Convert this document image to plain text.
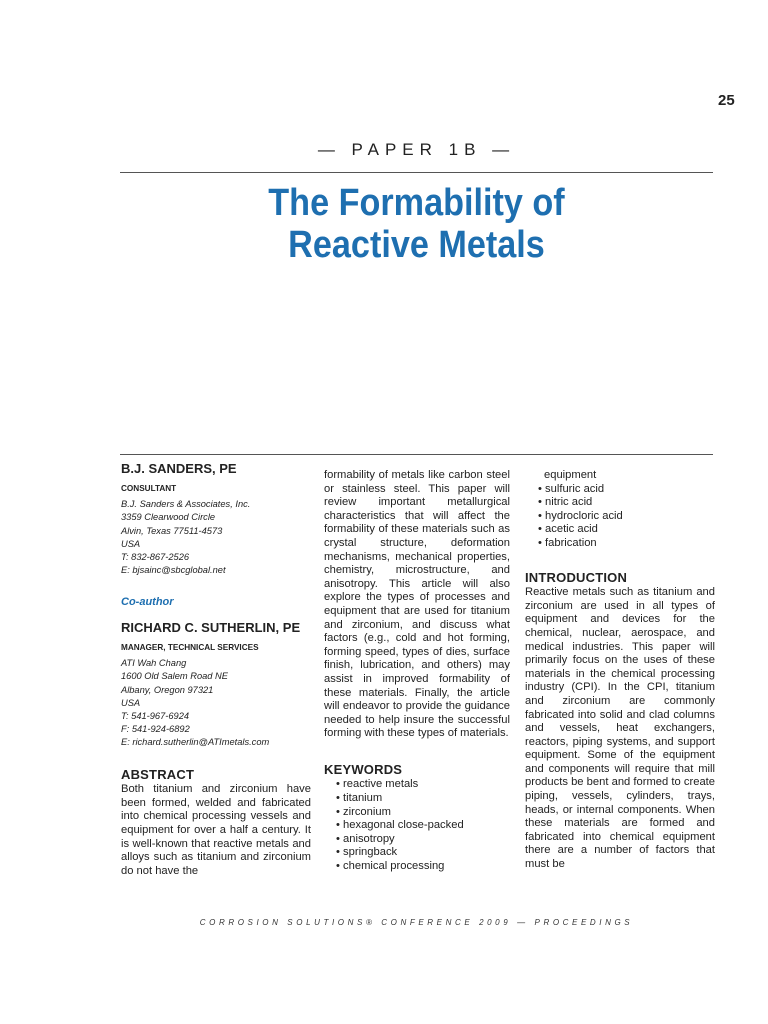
25
— PAPER 1B —
The Formability of
Reactive Metals
B.J. SANDERS, PE
CONSULTANT
B.J. Sanders & Associates, Inc.
3359 Clearwood Circle
Alvin, Texas 77511-4573
USA
T: 832-867-2526
E: bjsainc@sbcglobal.net
Co-author
RICHARD C. SUTHERLIN, PE
MANAGER, TECHNICAL SERVICES
ATI Wah Chang
1600 Old Salem Road NE
Albany, Oregon 97321
USA
T: 541-967-6924
F: 541-924-6892
E: richard.sutherlin@ATImetals.com
ABSTRACT
Both titanium and zirconium have been formed, welded and fabricated into chemical processing vessels and equipment for over a half a century. It is well-known that reactive metals and alloys such as titanium and zirconium do not have the
formability of metals like carbon steel or stainless steel. This paper will review important metallurgical characteristics that will affect the formability of these materials such as crystal structure, deformation mechanisms, mechanical properties, chemistry, microstructure, and anisotropy. This article will also explore the types of processes and equipment that are used for titanium and zirconium, and discuss what factors (e.g., cold and hot forming, forming speed, types of dies, surface finish, lubrication, and others) may assist in improved formability of these materials. Finally, the article will endeavor to provide the guidance needed to help insure the successful forming with these types of materials.
KEYWORDS
• reactive metals
• titanium
• zirconium
• hexagonal close-packed
• anisotropy
• springback
• chemical processing
equipment
• sulfuric acid
• nitric acid
• hydrocloric acid
• acetic acid
• fabrication
INTRODUCTION
Reactive metals such as titanium and zirconium are used in all types of equipment and devices for the chemical, nuclear, aerospace, and medical industries. This paper will primarily focus on the uses of these materials in the chemical processing industry (CPI). In the CPI, titanium and zirconium are commonly fabricated into solid and clad columns and vessels, heat exchangers, reactors, piping systems, and support equipment. Some of the equipment and components will require that mill products be bent and formed to create piping, vessels, cylinders, trays, heads, or internal components. When these materials are formed and fabricated into chemical equipment there are a number of factors that must be
CORROSION SOLUTIONS® CONFERENCE 2009 — PROCEEDINGS
